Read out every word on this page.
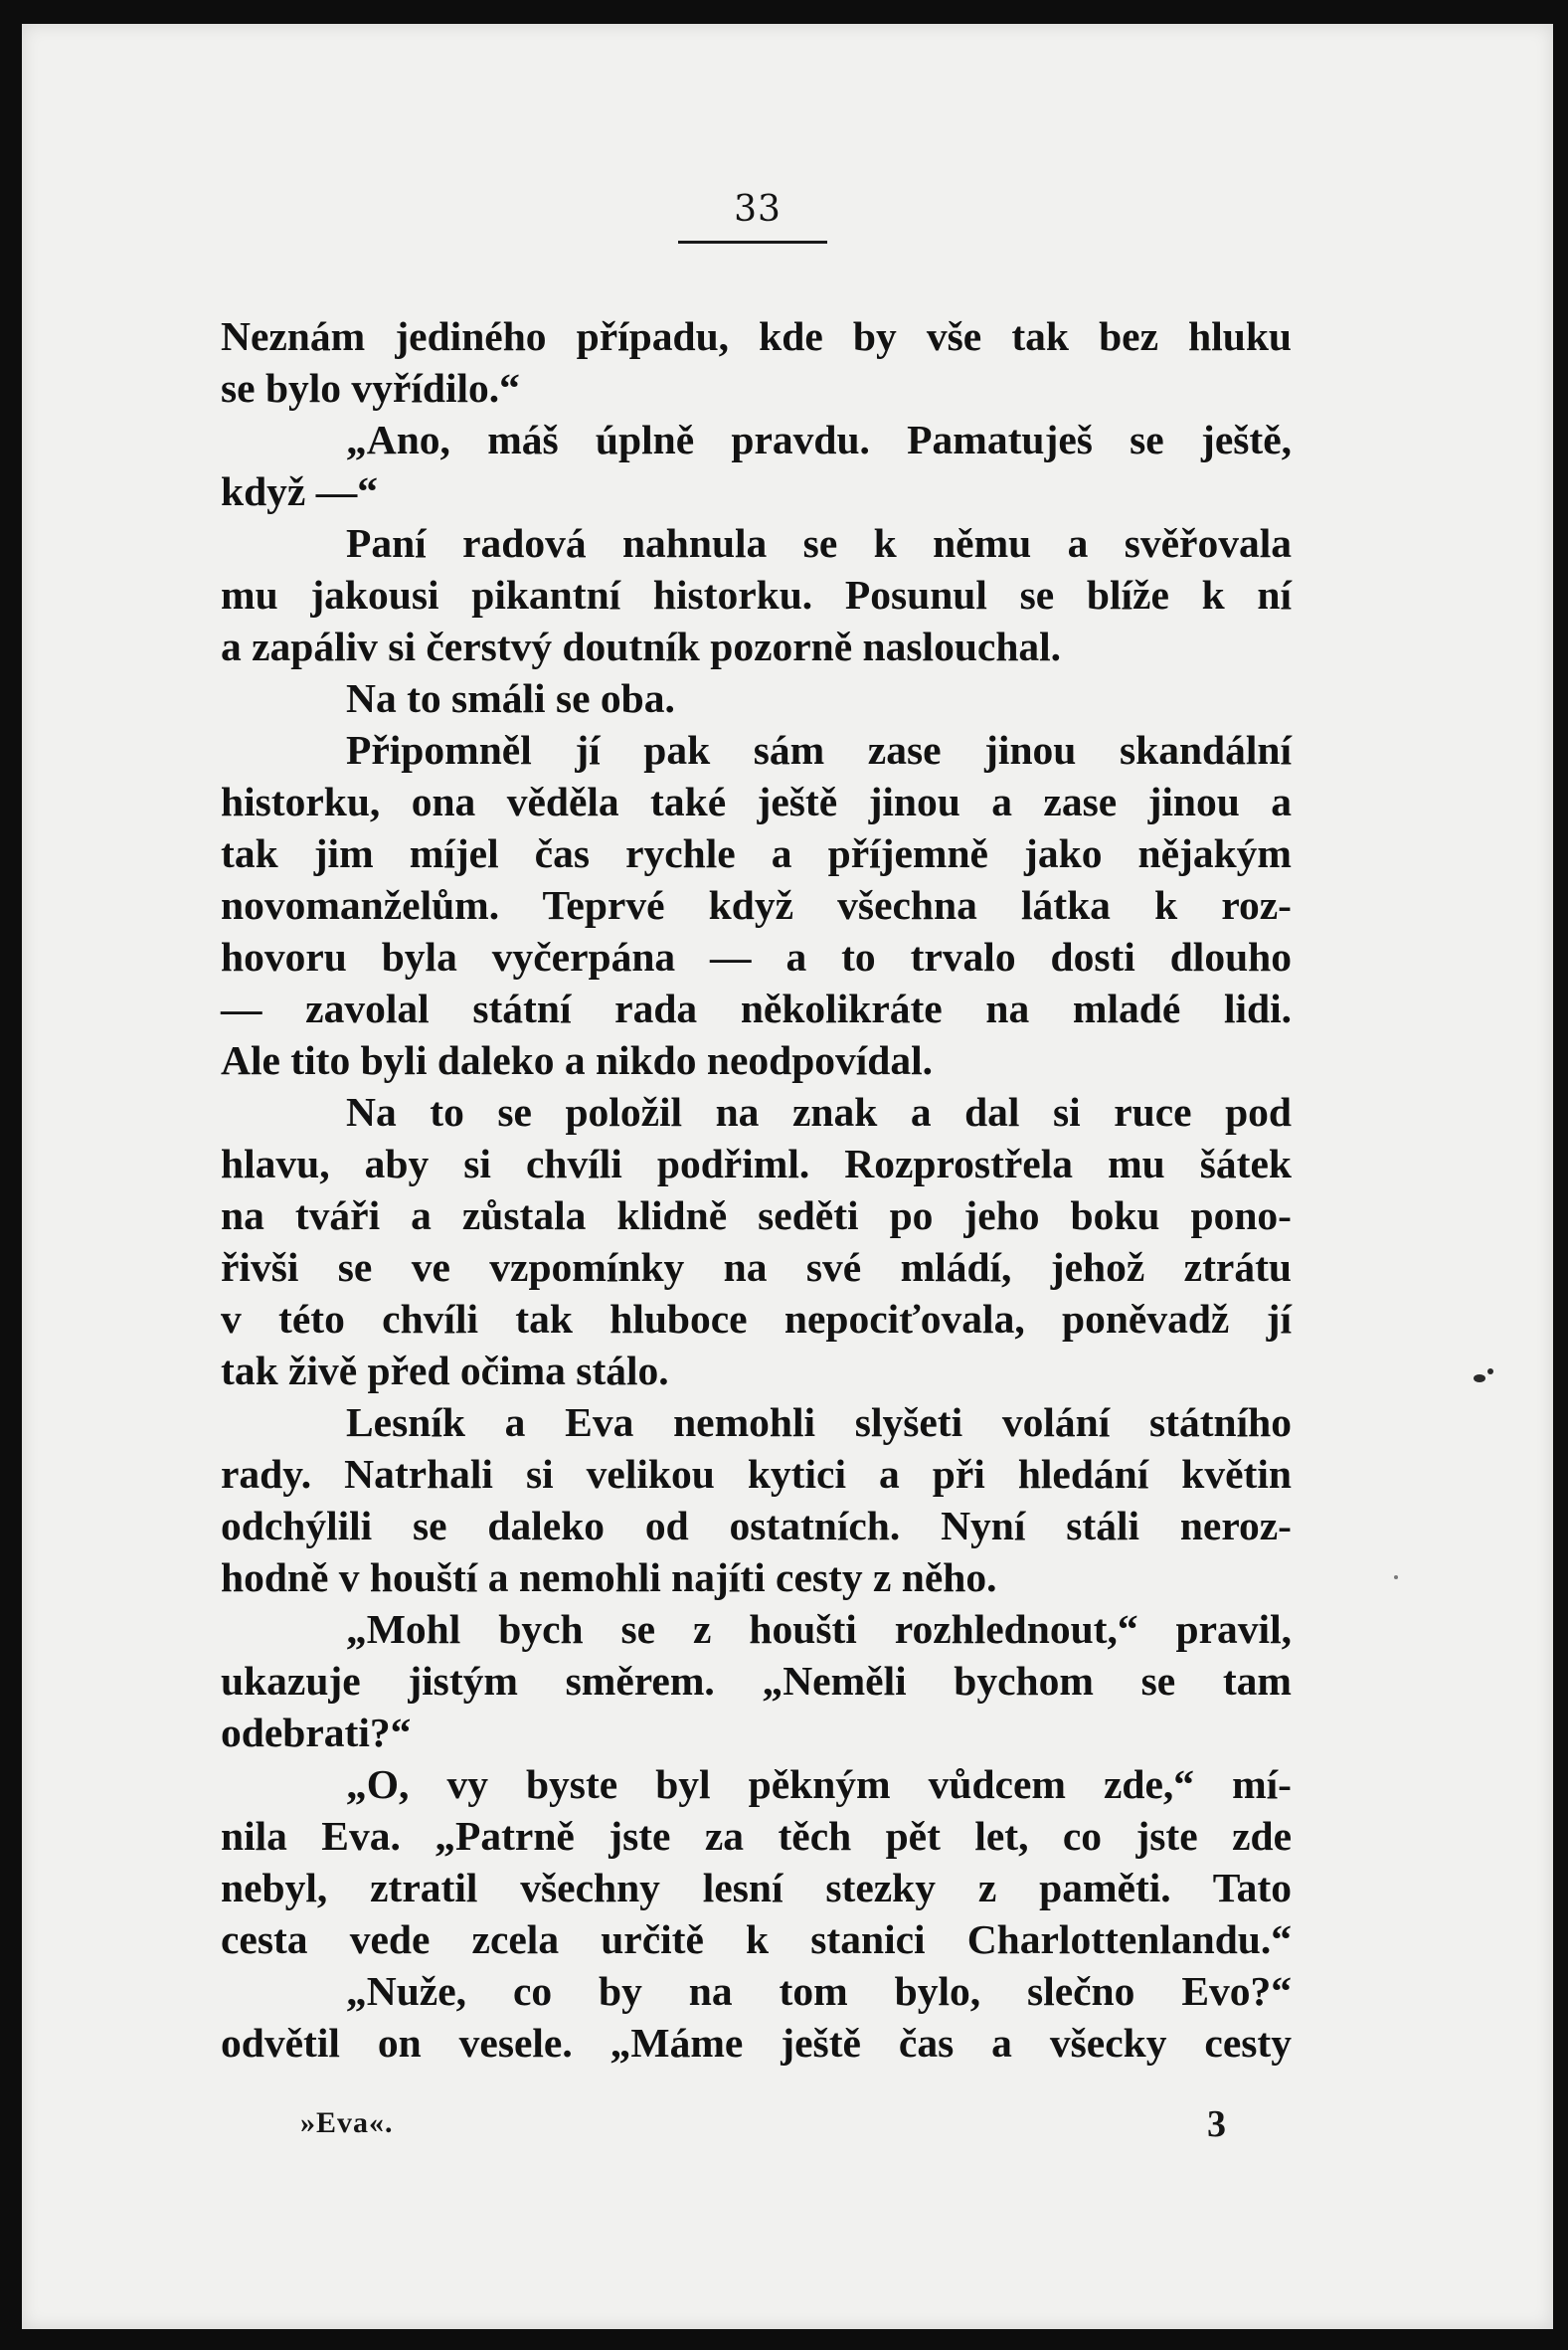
33
Neznám jediného případu, kde by vše tak bez hluku
se bylo vyřídilo.“
„Ano, máš úplně pravdu. Pamatuješ se ještě,
když —“
Paní radová nahnula se k němu a svěřovala
mu jakousi pikantní historku. Posunul se blíže k ní
a zapáliv si čerstvý doutník pozorně naslouchal.
Na to smáli se oba.
Připomněl jí pak sám zase jinou skandální
historku, ona věděla také ještě jinou a zase jinou a
tak jim míjel čas rychle a příjemně jako nějakým
novomanželům. Teprvé když všechna látka k roz-
hovoru byla vyčerpána — a to trvalo dosti dlouho
— zavolal státní rada několikráte na mladé lidi.
Ale tito byli daleko a nikdo neodpovídal.
Na to se položil na znak a dal si ruce pod
hlavu, aby si chvíli podřiml. Rozprostřela mu šátek
na tváři a zůstala klidně seděti po jeho boku pono-
řivši se ve vzpomínky na své mládí, jehož ztrátu
v této chvíli tak hluboce nepociťovala, poněvadž jí
tak živě před očima stálo.
Lesník a Eva nemohli slyšeti volání státního
rady. Natrhali si velikou kytici a při hledání květin
odchýlili se daleko od ostatních. Nyní stáli neroz-
hodně v houští a nemohli najíti cesty z něho.
„Mohl bych se z houšti rozhlednout,“ pravil,
ukazuje jistým směrem. „Neměli bychom se tam
odebrati?“
„O, vy byste byl pěkným vůdcem zde,“ mí-
nila Eva. „Patrně jste za těch pět let, co jste zde
nebyl, ztratil všechny lesní stezky z paměti. Tato
cesta vede zcela určitě k stanici Charlottenlandu.“
„Nuže, co by na tom bylo, slečno Evo?“
odvětil on vesele. „Máme ještě čas a všecky cesty
»Eva«.	3
